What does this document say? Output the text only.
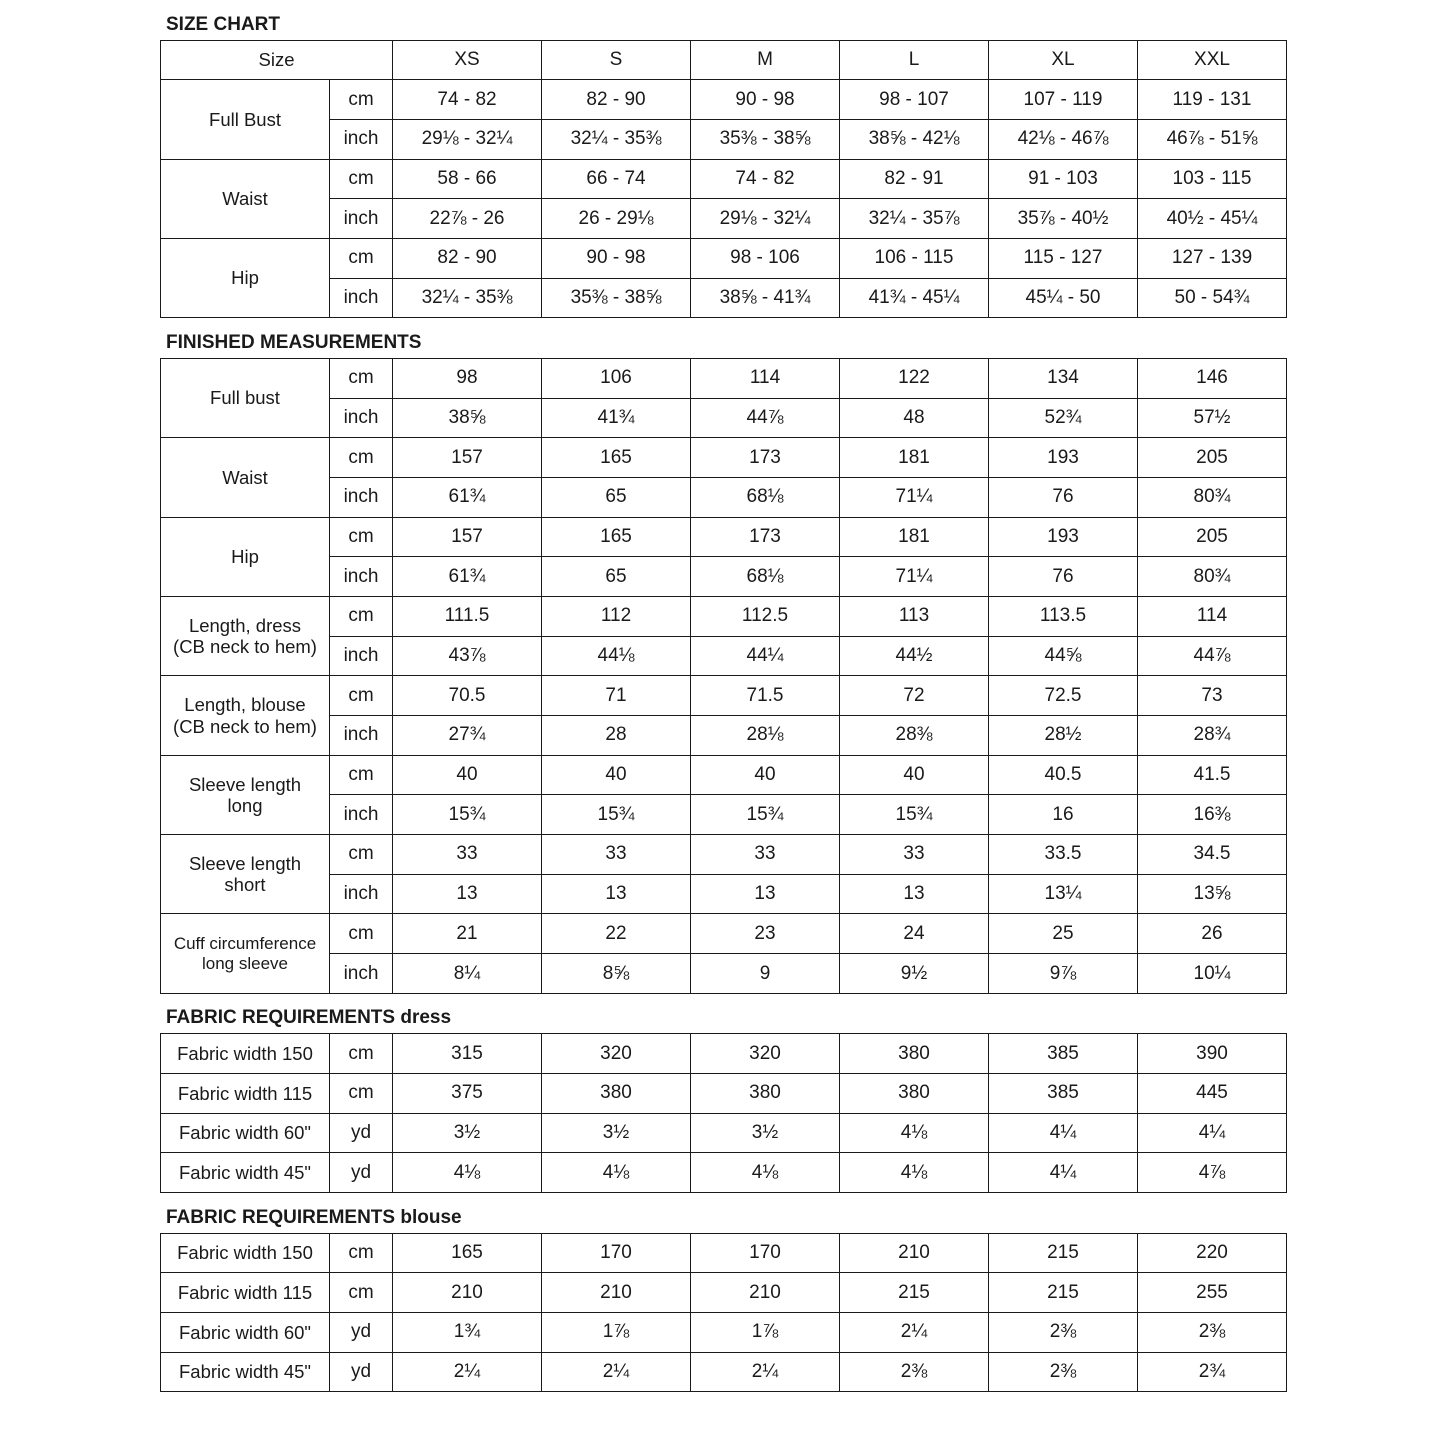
SIZE CHART
Size		XS	S	M	L	XL	XXL
Full Bust	cm	74 - 82	82 - 90	90 - 98	98 - 107	107 - 119	119 - 131
	inch	29⅛ - 32¼	32¼ - 35⅜	35⅜ - 38⅝	38⅝ - 42⅛	42⅛ - 46⅞	46⅞ - 51⅝
Waist	cm	58 - 66	66 - 74	74 - 82	82 - 91	91 - 103	103 - 115
	inch	22⅞ - 26	26 - 29⅛	29⅛ - 32¼	32¼ - 35⅞	35⅞ - 40½	40½ - 45¼
Hip	cm	82 - 90	90 - 98	98 - 106	106 - 115	115 - 127	127 - 139
	inch	32¼ - 35⅜	35⅜ - 38⅝	38⅝ - 41¾	41¾ - 45¼	45¼ - 50	50 - 54¾
FINISHED MEASUREMENTS
Full bust	cm	98	106	114	122	134	146
	inch	38⅝	41¾	44⅞	48	52¾	57½
Waist	cm	157	165	173	181	193	205
	inch	61¾	65	68⅛	71¼	76	80¾
Hip	cm	157	165	173	181	193	205
	inch	61¾	65	68⅛	71¼	76	80¾
Length, dress
(CB neck to hem)	cm	111.5	112	112.5	113	113.5	114
	inch	43⅞	44⅛	44¼	44½	44⅝	44⅞
Length, blouse
(CB neck to hem)	cm	70.5	71	71.5	72	72.5	73
	inch	27¾	28	28⅛	28⅜	28½	28¾
Sleeve length
long	cm	40	40	40	40	40.5	41.5
	inch	15¾	15¾	15¾	15¾	16	16⅜
Sleeve length
short	cm	33	33	33	33	33.5	34.5
	inch	13	13	13	13	13¼	13⅝
Cuff circumference
long sleeve	cm	21	22	23	24	25	26
	inch	8¼	8⅝	9	9½	9⅞	10¼
FABRIC REQUIREMENTS dress
Fabric width 150	cm	315	320	320	380	385	390
Fabric width 115	cm	375	380	380	380	385	445
Fabric width 60"	yd	3½	3½	3½	4⅛	4¼	4¼
Fabric width 45"	yd	4⅛	4⅛	4⅛	4⅛	4¼	4⅞
FABRIC REQUIREMENTS blouse
Fabric width 150	cm	165	170	170	210	215	220
Fabric width 115	cm	210	210	210	215	215	255
Fabric width 60"	yd	1¾	1⅞	1⅞	2¼	2⅜	2⅜
Fabric width 45"	yd	2¼	2¼	2¼	2⅜	2⅜	2¾
